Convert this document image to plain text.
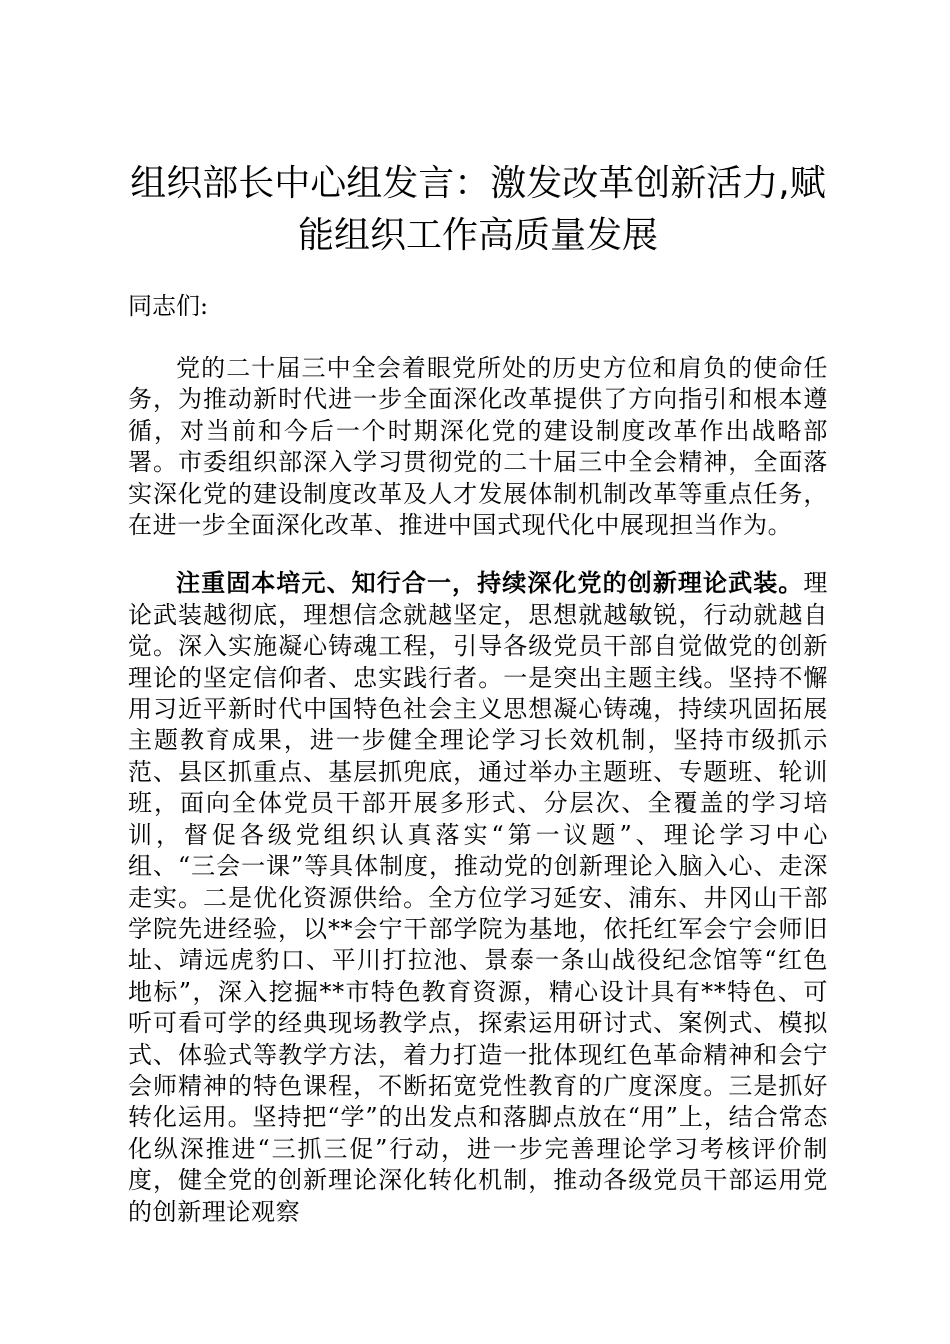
组织部长中心组发言：激发改革创新活力,赋
能组织工作高质量发展

同志们:

党的二十届三中全会着眼党所处的历史方位和肩负的使命任务，为推动新时代进一步全面深化改革提供了方向指引和根本遵循，对当前和今后一个时期深化党的建设制度改革作出战略部署。市委组织部深入学习贯彻党的二十届三中全会精神，全面落实深化党的建设制度改革及人才发展体制机制改革等重点任务，在进一步全面深化改革、推进中国式现代化中展现担当作为。

注重固本培元、知行合一，持续深化党的创新理论武装。理论武装越彻底，理想信念就越坚定，思想就越敏锐，行动就越自觉。深入实施凝心铸魂工程，引导各级党员干部自觉做党的创新理论的坚定信仰者、忠实践行者。一是突出主题主线。坚持不懈用习近平新时代中国特色社会主义思想凝心铸魂，持续巩固拓展主题教育成果，进一步健全理论学习长效机制，坚持市级抓示范、县区抓重点、基层抓兜底，通过举办主题班、专题班、轮训班，面向全体党员干部开展多形式、分层次、全覆盖的学习培训，督促各级党组织认真落实“第一议题”、理论学习中心组、“三会一课”等具体制度，推动党的创新理论入脑入心、走深走实。二是优化资源供给。全方位学习延安、浦东、井冈山干部学院先进经验，以**会宁干部学院为基地，依托红军会宁会师旧址、靖远虎豹口、平川打拉池、景泰一条山战役纪念馆等“红色地标”，深入挖掘**市特色教育资源，精心设计具有**特色、可听可看可学的经典现场教学点，探索运用研讨式、案例式、模拟式、体验式等教学方法，着力打造一批体现红色革命精神和会宁会师精神的特色课程，不断拓宽党性教育的广度深度。三是抓好转化运用。坚持把“学”的出发点和落脚点放在“用”上，结合常态化纵深推进“三抓三促”行动，进一步完善理论学习考核评价制度，健全党的创新理论深化转化机制，推动各级党员干部运用党的创新理论观察
